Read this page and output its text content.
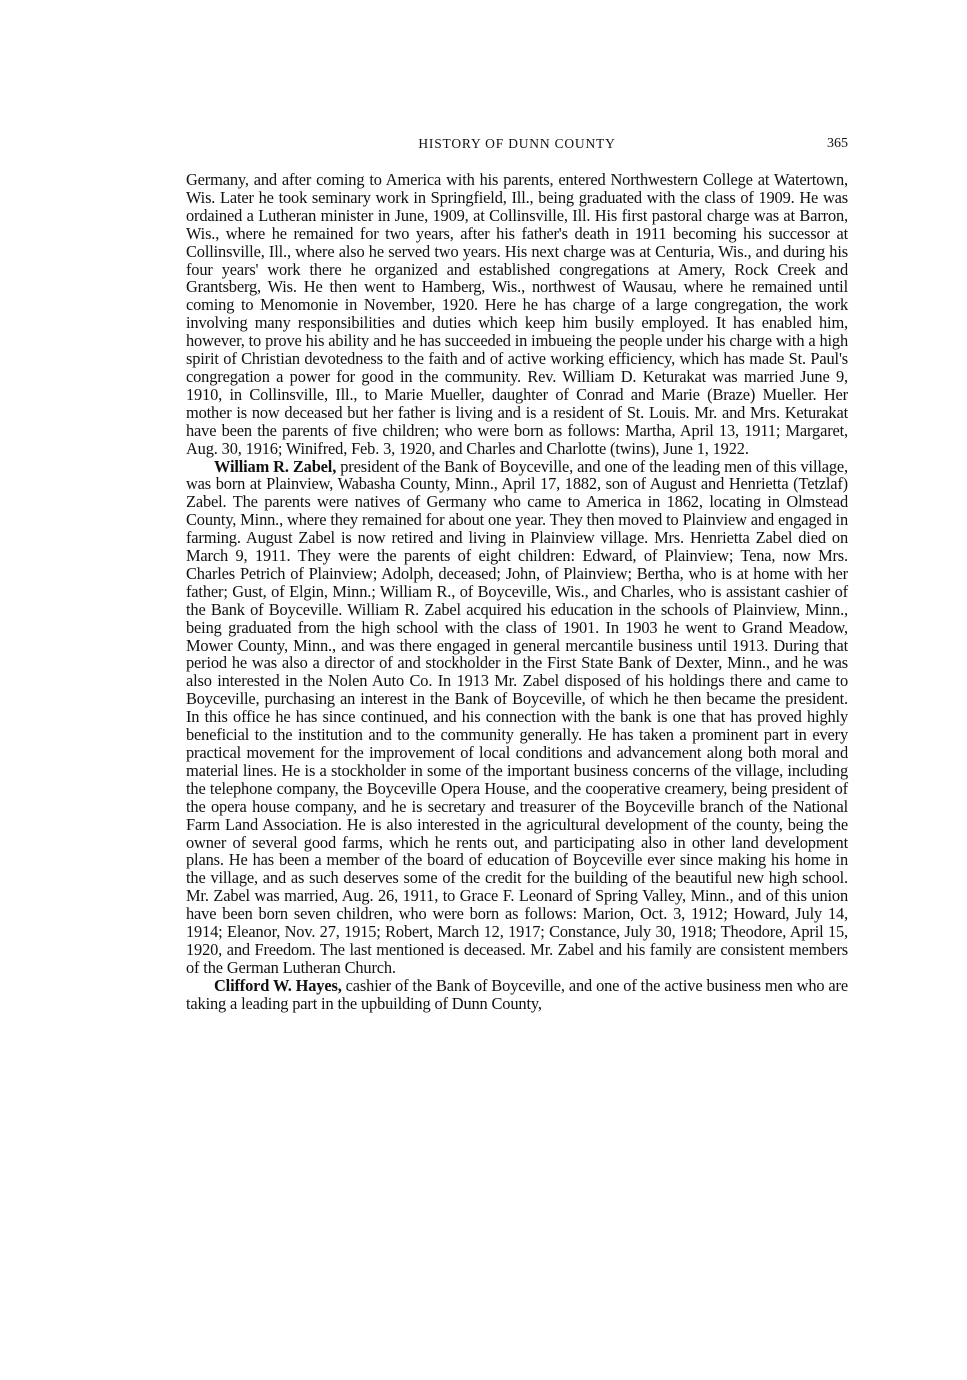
HISTORY OF DUNN COUNTY	365

Germany, and after coming to America with his parents, entered Northwestern College at Watertown, Wis. Later he took seminary work in Springfield, Ill., being graduated with the class of 1909. He was ordained a Lutheran minister in June, 1909, at Collinsville, Ill. His first pastoral charge was at Barron, Wis., where he remained for two years, after his father's death in 1911 becoming his successor at Collinsville, Ill., where also he served two years. His next charge was at Centuria, Wis., and during his four years' work there he organized and established congregations at Amery, Rock Creek and Grantsberg, Wis. He then went to Hamberg, Wis., northwest of Wausau, where he remained until coming to Menomonie in November, 1920. Here he has charge of a large congregation, the work involving many responsibilities and duties which keep him busily employed. It has enabled him, however, to prove his ability and he has succeeded in imbueing the people under his charge with a high spirit of Christian devotedness to the faith and of active working efficiency, which has made St. Paul's congregation a power for good in the community. Rev. William D. Keturakat was married June 9, 1910, in Collinsville, Ill., to Marie Mueller, daughter of Conrad and Marie (Braze) Mueller. Her mother is now deceased but her father is living and is a resident of St. Louis. Mr. and Mrs. Keturakat have been the parents of five children; who were born as follows: Martha, April 13, 1911; Margaret, Aug. 30, 1916; Winifred, Feb. 3, 1920, and Charles and Charlotte (twins), June 1, 1922.

William R. Zabel, president of the Bank of Boyceville, and one of the leading men of this village, was born at Plainview, Wabasha County, Minn., April 17, 1882, son of August and Henrietta (Tetzlaf) Zabel. The parents were natives of Germany who came to America in 1862, locating in Olmstead County, Minn., where they remained for about one year. They then moved to Plainview and engaged in farming. August Zabel is now retired and living in Plainview village. Mrs. Henrietta Zabel died on March 9, 1911. They were the parents of eight children: Edward, of Plainview; Tena, now Mrs. Charles Petrich of Plainview; Adolph, deceased; John, of Plainview; Bertha, who is at home with her father; Gust, of Elgin, Minn.; William R., of Boyceville, Wis., and Charles, who is assistant cashier of the Bank of Boyceville. William R. Zabel acquired his education in the schools of Plainview, Minn., being graduated from the high school with the class of 1901. In 1903 he went to Grand Meadow, Mower County, Minn., and was there engaged in general mercantile business until 1913. During that period he was also a director of and stockholder in the First State Bank of Dexter, Minn., and he was also interested in the Nolen Auto Co. In 1913 Mr. Zabel disposed of his holdings there and came to Boyceville, purchasing an interest in the Bank of Boyceville, of which he then became the president. In this office he has since continued, and his connection with the bank is one that has proved highly beneficial to the institution and to the community generally. He has taken a prominent part in every practical movement for the improvement of local conditions and advancement along both moral and material lines. He is a stockholder in some of the important business concerns of the village, including the telephone company, the Boyceville Opera House, and the cooperative creamery, being president of the opera house company, and he is secretary and treasurer of the Boyceville branch of the National Farm Land Association. He is also interested in the agricultural development of the county, being the owner of several good farms, which he rents out, and participating also in other land development plans. He has been a member of the board of education of Boyceville ever since making his home in the village, and as such deserves some of the credit for the building of the beautiful new high school. Mr. Zabel was married, Aug. 26, 1911, to Grace F. Leonard of Spring Valley, Minn., and of this union have been born seven children, who were born as follows: Marion, Oct. 3, 1912; Howard, July 14, 1914; Eleanor, Nov. 27, 1915; Robert, March 12, 1917; Constance, July 30, 1918; Theodore, April 15, 1920, and Freedom. The last mentioned is deceased. Mr. Zabel and his family are consistent members of the German Lutheran Church.

Clifford W. Hayes, cashier of the Bank of Boyceville, and one of the active business men who are taking a leading part in the upbuilding of Dunn County,
